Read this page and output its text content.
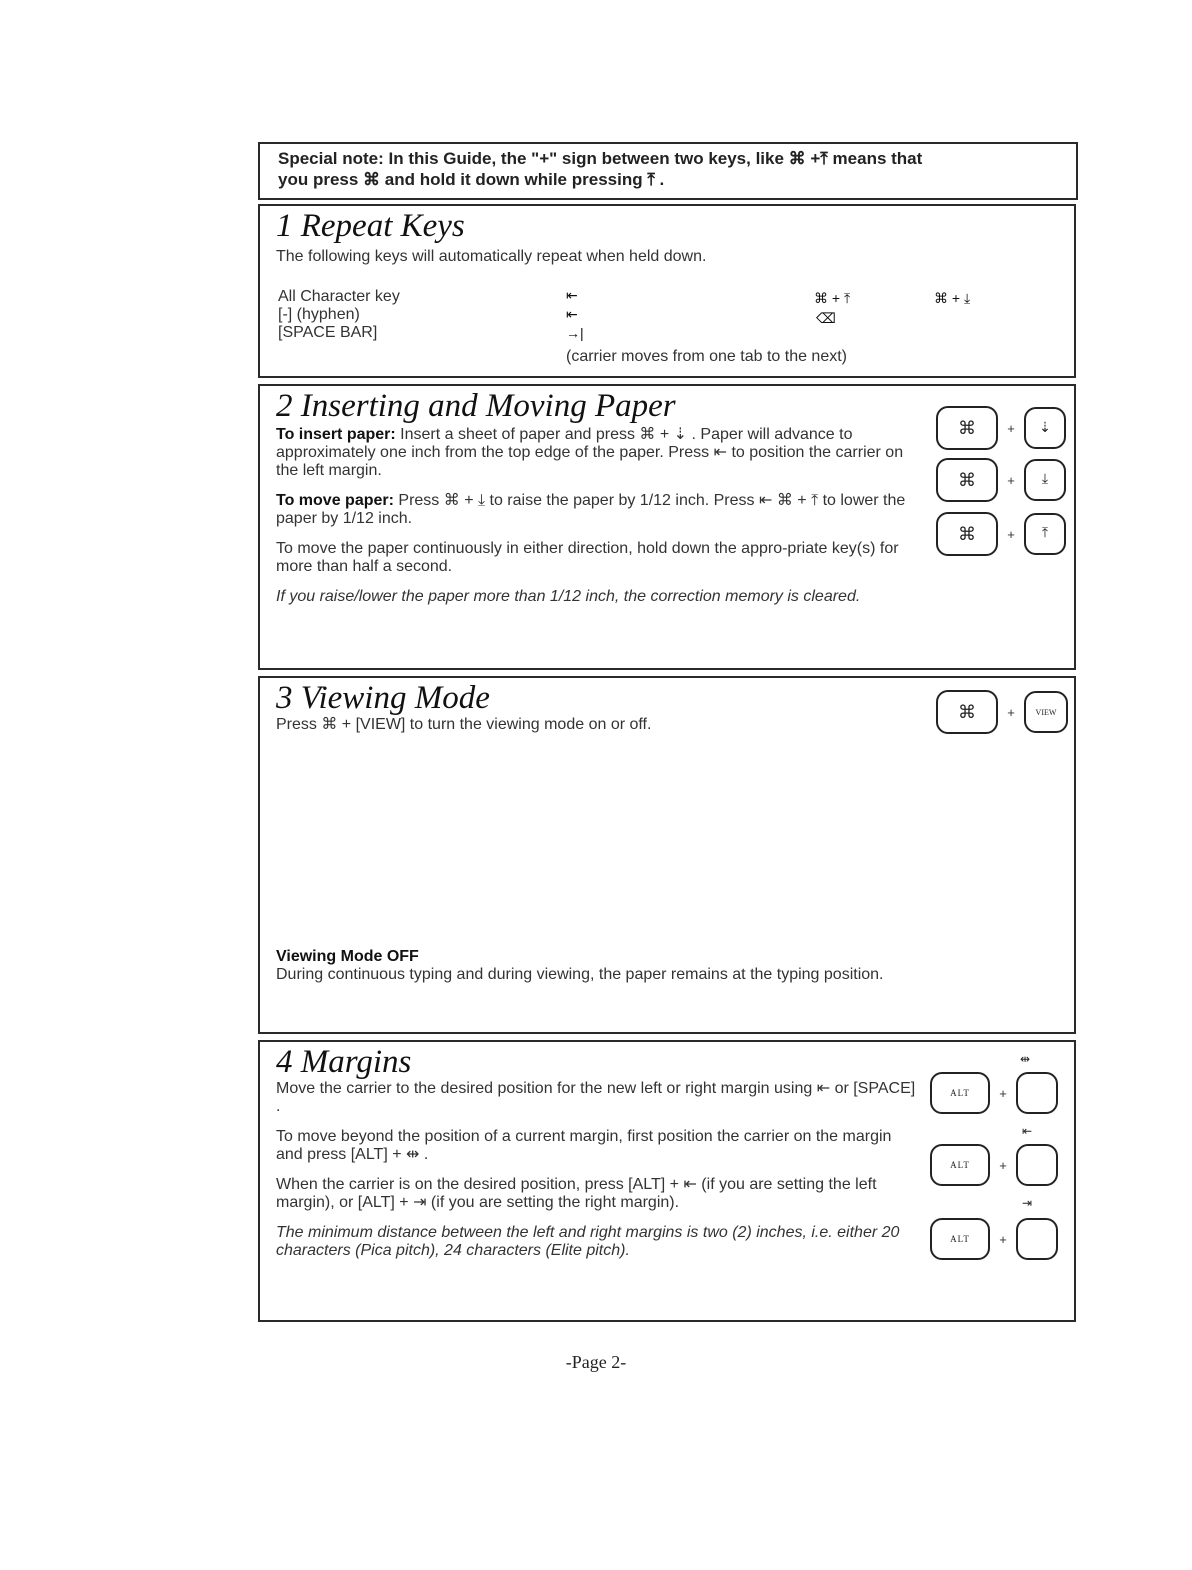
Special note: In this Guide, the "+" sign between two keys, like ⌘ +⤒ means that
you press ⌘ and hold it down while pressing ⤒ .
1 Repeat Keys

The following keys will automatically repeat when held down.

All Character key

[-] (hyphen)

[SPACE BAR]

⇤
⇤
→|
⌘ + ⤒
⌫
⌘ + ⤓

(carrier moves from one tab to the next)

2 Inserting and Moving Paper

To insert paper: Insert a sheet of paper and press ⌘ + ⇣ . Paper will advance to approximately one inch from the top edge of the paper. Press ⇤ to position the carrier on the left margin.

To move paper: Press ⌘ + ⤓ to raise the paper by 1/12 inch. Press ⇤ ⌘ + ⤒ to lower the paper by 1/12 inch.

To move the paper continuously in either direction, hold down the appro-priate key(s) for more than half a second.

If you raise/lower the paper more than 1/12 inch, the correction memory is cleared.

⌘	+	⇣
⌘	+	⤓
⌘	+	⤒
3 Viewing Mode

Press ⌘ + [VIEW] to turn the viewing mode on or off.

Viewing Mode OFF

During continuous typing and during viewing, the paper remains at the typing position.

⌘	+	VIEW
4 Margins

Move the carrier to the desired position for the new left or right margin using ⇤ or [SPACE] .

To move beyond the position of a current margin, first position the carrier on the margin and press [ALT] + ⇹ .

When the carrier is on the desired position, press [ALT] + ⇤ (if you are setting the left margin), or [ALT] + ⇥ (if you are setting the right margin).

The minimum distance between the left and right margins is two (2) inches, i.e. either 20 characters (Pica pitch), 24 characters (Elite pitch).

ALT	+
⇹
ALT	+
⇤
ALT	+
⇥
-Page 2-
